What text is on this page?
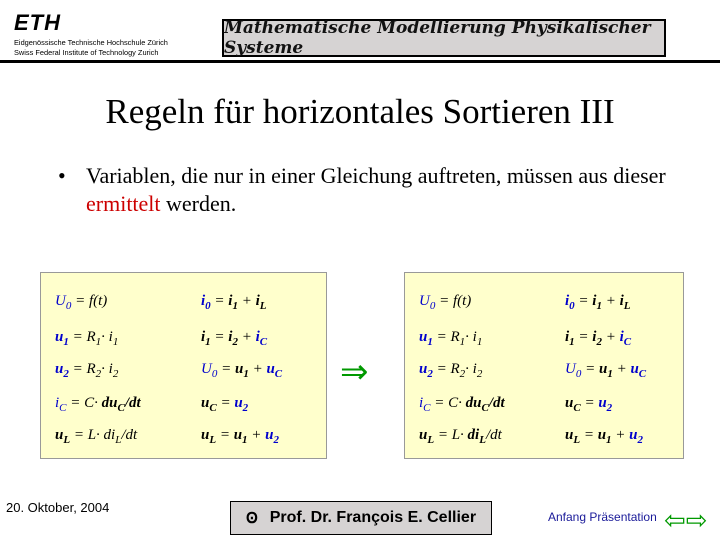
ETH
Eidgenössische Technische Hochschule Zürich
Swiss Federal Institute of Technology Zurich
Mathematische Modellierung Physikalischer Systeme
Regeln für horizontales Sortieren III
• Variablen, die nur in einer Gleichung auftreten, müssen aus dieser ermittelt werden.
$U_0 = f(t)$	$i_0 = i_1 + i_L$
$u_1 = R_1\cdot i_1$	$i_1 = i_2 + i_C$
$u_2 = R_2\cdot i_2$	$U_0 = u_1 + u_C$
$i_C = C\cdot du_C/dt$	$u_C = u_2$
$u_L = L\cdot di_L/dt$	$u_L = u_1 + u_2$
⇒
$U_0 = f(t)$	$i_0 = i_1 + i_L$
$u_1 = R_1\cdot i_1$	$i_1 = i_2 + i_C$
$u_2 = R_2\cdot i_2$	$U_0 = u_1 + u_C$
$i_C = C\cdot du_C/dt$	$u_C = u_2$
$u_L = L\cdot di_L/dt$	$u_L = u_1 + u_2$
20. Oktober, 2004
Ꙩ Prof. Dr. François E. Cellier	Anfang Präsentation ⇦⇨
